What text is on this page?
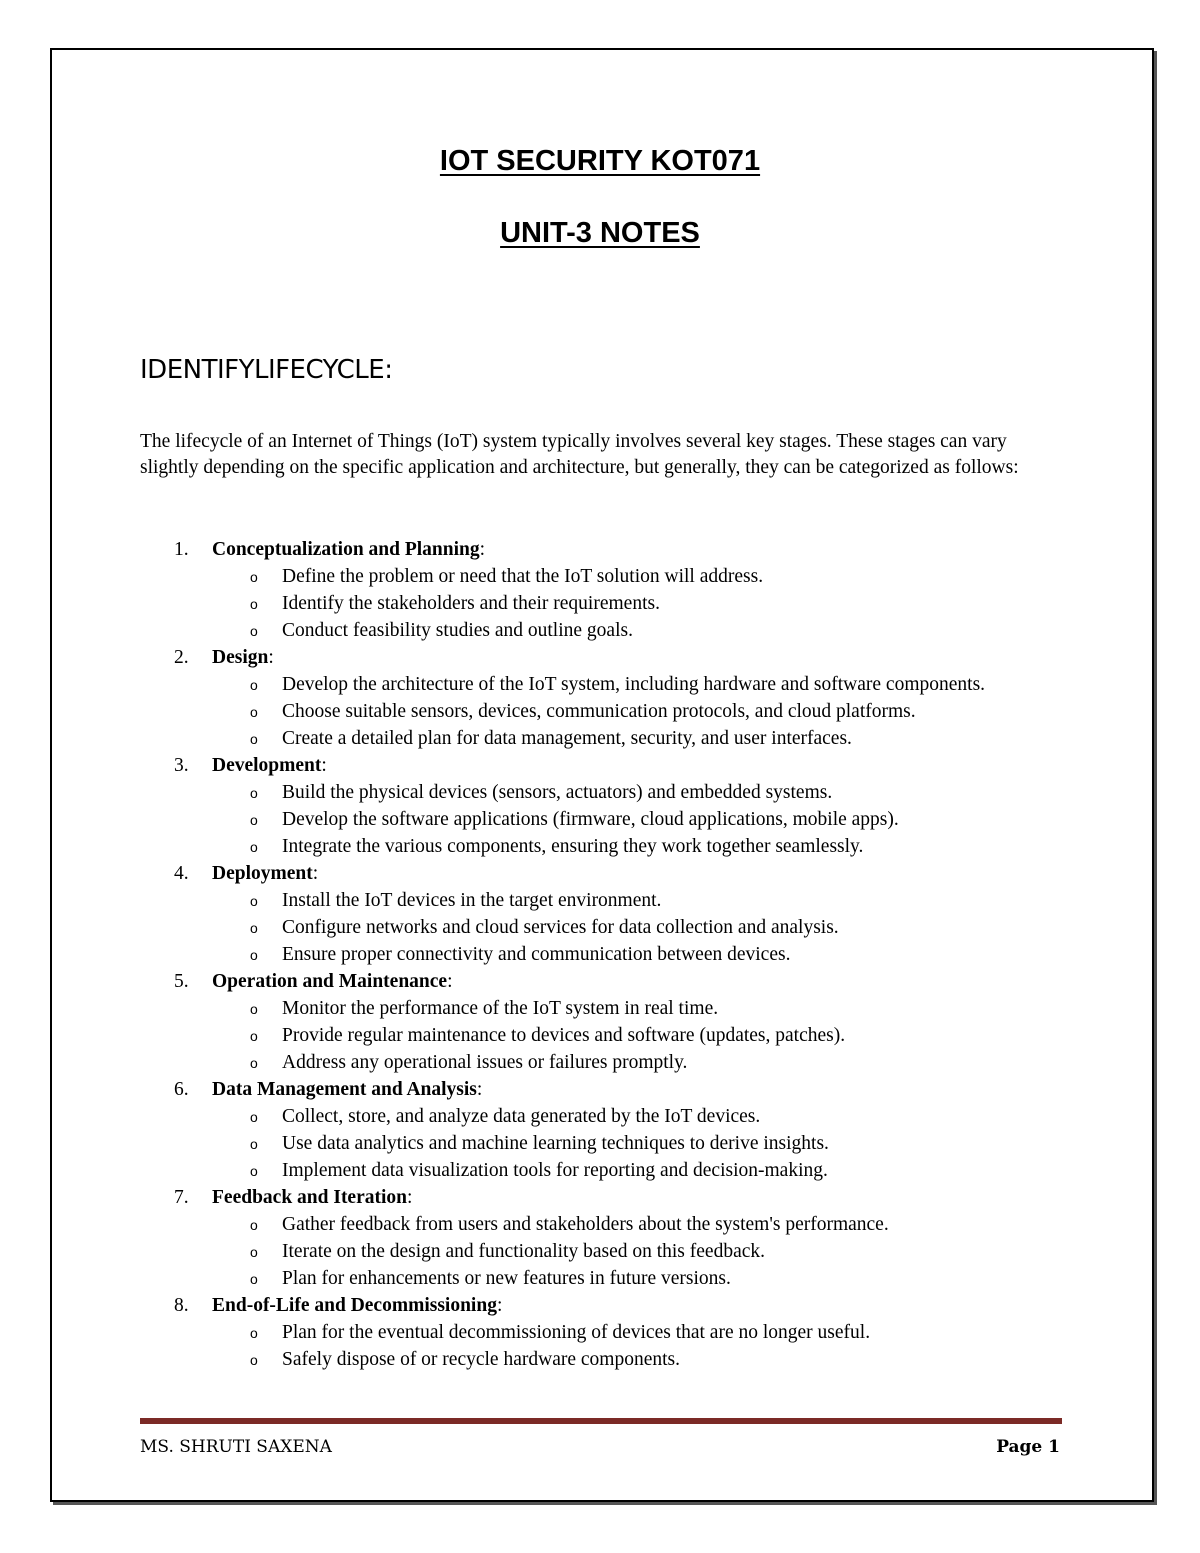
IOT SECURITY KOT071
UNIT-3 NOTES
IDENTIFYLIFECYCLE:

The lifecycle of an Internet of Things (IoT) system typically involves several key stages. These stages can vary slightly depending on the specific application and architecture, but generally, they can be categorized as follows:

1. Conceptualization and Planning:
o Define the problem or need that the IoT solution will address.
o Identify the stakeholders and their requirements.
o Conduct feasibility studies and outline goals.
2. Design:
o Develop the architecture of the IoT system, including hardware and software components.
o Choose suitable sensors, devices, communication protocols, and cloud platforms.
o Create a detailed plan for data management, security, and user interfaces.
3. Development:
o Build the physical devices (sensors, actuators) and embedded systems.
o Develop the software applications (firmware, cloud applications, mobile apps).
o Integrate the various components, ensuring they work together seamlessly.
4. Deployment:
o Install the IoT devices in the target environment.
o Configure networks and cloud services for data collection and analysis.
o Ensure proper connectivity and communication between devices.
5. Operation and Maintenance:
o Monitor the performance of the IoT system in real time.
o Provide regular maintenance to devices and software (updates, patches).
o Address any operational issues or failures promptly.
6. Data Management and Analysis:
o Collect, store, and analyze data generated by the IoT devices.
o Use data analytics and machine learning techniques to derive insights.
o Implement data visualization tools for reporting and decision-making.
7. Feedback and Iteration:
o Gather feedback from users and stakeholders about the system's performance.
o Iterate on the design and functionality based on this feedback.
o Plan for enhancements or new features in future versions.
8. End-of-Life and Decommissioning:
o Plan for the eventual decommissioning of devices that are no longer useful.
o Safely dispose of or recycle hardware components.
MS. SHRUTI SAXENA	Page 1
